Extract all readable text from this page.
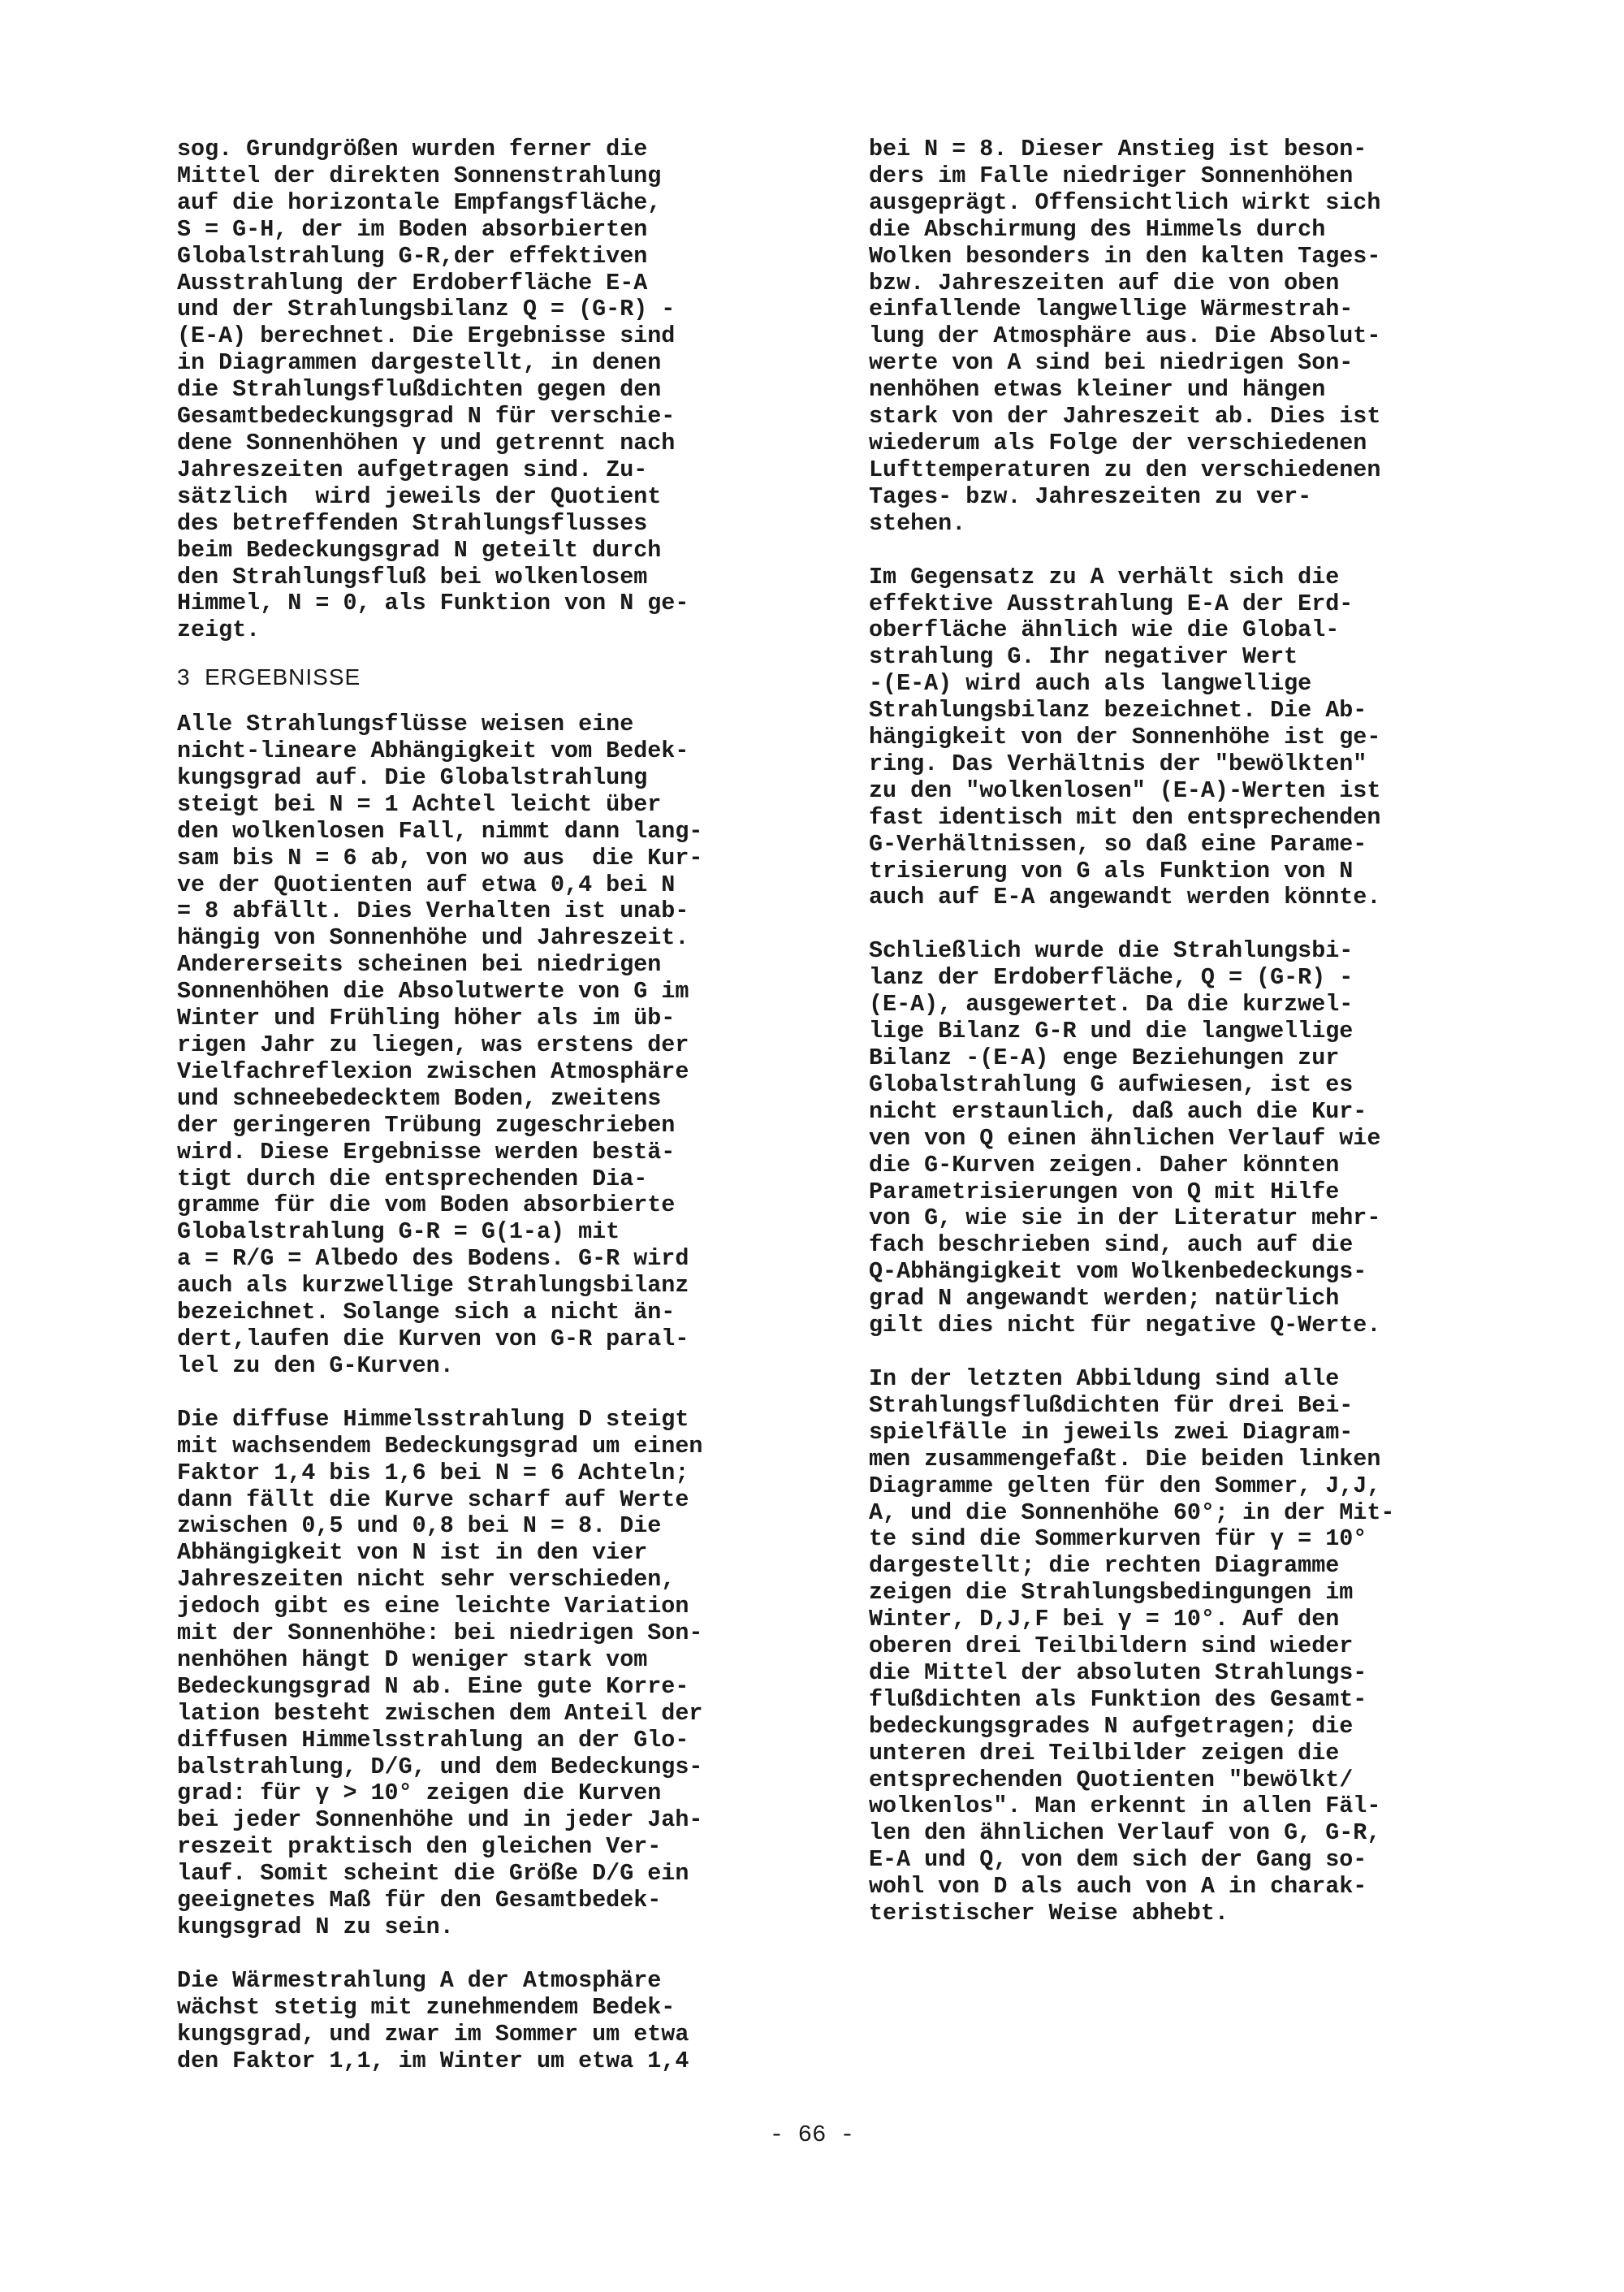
sog. Grundgrößen wurden ferner die
Mittel der direkten Sonnenstrahlung
auf die horizontale Empfangsfläche,
S = G-H, der im Boden absorbierten
Globalstrahlung G-R,der effektiven
Ausstrahlung der Erdoberfläche E-A
und der Strahlungsbilanz Q = (G-R) -
(E-A) berechnet. Die Ergebnisse sind
in Diagrammen dargestellt, in denen
die Strahlungsflußdichten gegen den
Gesamtbedeckungsgrad N für verschie-
dene Sonnenhöhen γ und getrennt nach
Jahreszeiten aufgetragen sind. Zu-
sätzlich  wird jeweils der Quotient
des betreffenden Strahlungsflusses
beim Bedeckungsgrad N geteilt durch
den Strahlungsfluß bei wolkenlosem
Himmel, N = 0, als Funktion von N ge-
zeigt.

3  ERGEBNISSE

Alle Strahlungsflüsse weisen eine
nicht-lineare Abhängigkeit vom Bedek-
kungsgrad auf. Die Globalstrahlung
steigt bei N = 1 Achtel leicht über
den wolkenlosen Fall, nimmt dann lang-
sam bis N = 6 ab, von wo aus  die Kur-
ve der Quotienten auf etwa 0,4 bei N
= 8 abfällt. Dies Verhalten ist unab-
hängig von Sonnenhöhe und Jahreszeit.
Andererseits scheinen bei niedrigen
Sonnenhöhen die Absolutwerte von G im
Winter und Frühling höher als im üb-
rigen Jahr zu liegen, was erstens der
Vielfachreflexion zwischen Atmosphäre
und schneebedecktem Boden, zweitens
der geringeren Trübung zugeschrieben
wird. Diese Ergebnisse werden bestä-
tigt durch die entsprechenden Dia-
gramme für die vom Boden absorbierte
Globalstrahlung G-R = G(1-a) mit
a = R/G = Albedo des Bodens. G-R wird
auch als kurzwellige Strahlungsbilanz
bezeichnet. Solange sich a nicht än-
dert,laufen die Kurven von G-R paral-
lel zu den G-Kurven.

Die diffuse Himmelsstrahlung D steigt
mit wachsendem Bedeckungsgrad um einen
Faktor 1,4 bis 1,6 bei N = 6 Achteln;
dann fällt die Kurve scharf auf Werte
zwischen 0,5 und 0,8 bei N = 8. Die
Abhängigkeit von N ist in den vier
Jahreszeiten nicht sehr verschieden,
jedoch gibt es eine leichte Variation
mit der Sonnenhöhe: bei niedrigen Son-
nenhöhen hängt D weniger stark vom
Bedeckungsgrad N ab. Eine gute Korre-
lation besteht zwischen dem Anteil der
diffusen Himmelsstrahlung an der Glo-
balstrahlung, D/G, und dem Bedeckungs-
grad: für γ > 10° zeigen die Kurven
bei jeder Sonnenhöhe und in jeder Jah-
reszeit praktisch den gleichen Ver-
lauf. Somit scheint die Größe D/G ein
geeignetes Maß für den Gesamtbedek-
kungsgrad N zu sein.

Die Wärmestrahlung A der Atmosphäre
wächst stetig mit zunehmendem Bedek-
kungsgrad, und zwar im Sommer um etwa
den Faktor 1,1, im Winter um etwa 1,4

bei N = 8. Dieser Anstieg ist beson-
ders im Falle niedriger Sonnenhöhen
ausgeprägt. Offensichtlich wirkt sich
die Abschirmung des Himmels durch
Wolken besonders in den kalten Tages-
bzw. Jahreszeiten auf die von oben
einfallende langwellige Wärmestrah-
lung der Atmosphäre aus. Die Absolut-
werte von A sind bei niedrigen Son-
nenhöhen etwas kleiner und hängen
stark von der Jahreszeit ab. Dies ist
wiederum als Folge der verschiedenen
Lufttemperaturen zu den verschiedenen
Tages- bzw. Jahreszeiten zu ver-
stehen.

Im Gegensatz zu A verhält sich die
effektive Ausstrahlung E-A der Erd-
oberfläche ähnlich wie die Global-
strahlung G. Ihr negativer Wert
-(E-A) wird auch als langwellige
Strahlungsbilanz bezeichnet. Die Ab-
hängigkeit von der Sonnenhöhe ist ge-
ring. Das Verhältnis der "bewölkten"
zu den "wolkenlosen" (E-A)-Werten ist
fast identisch mit den entsprechenden
G-Verhältnissen, so daß eine Parame-
trisierung von G als Funktion von N
auch auf E-A angewandt werden könnte.

Schließlich wurde die Strahlungsbi-
lanz der Erdoberfläche, Q = (G-R) -
(E-A), ausgewertet. Da die kurzwel-
lige Bilanz G-R und die langwellige
Bilanz -(E-A) enge Beziehungen zur
Globalstrahlung G aufwiesen, ist es
nicht erstaunlich, daß auch die Kur-
ven von Q einen ähnlichen Verlauf wie
die G-Kurven zeigen. Daher könnten
Parametrisierungen von Q mit Hilfe
von G, wie sie in der Literatur mehr-
fach beschrieben sind, auch auf die
Q-Abhängigkeit vom Wolkenbedeckungs-
grad N angewandt werden; natürlich
gilt dies nicht für negative Q-Werte.

In der letzten Abbildung sind alle
Strahlungsflußdichten für drei Bei-
spielfälle in jeweils zwei Diagram-
men zusammengefaßt. Die beiden linken
Diagramme gelten für den Sommer, J,J,
A, und die Sonnenhöhe 60°; in der Mit-
te sind die Sommerkurven für γ = 10°
dargestellt; die rechten Diagramme
zeigen die Strahlungsbedingungen im
Winter, D,J,F bei γ = 10°. Auf den
oberen drei Teilbildern sind wieder
die Mittel der absoluten Strahlungs-
flußdichten als Funktion des Gesamt-
bedeckungsgrades N aufgetragen; die
unteren drei Teilbilder zeigen die
entsprechenden Quotienten "bewölkt/
wolkenlos". Man erkennt in allen Fäl-
len den ähnlichen Verlauf von G, G-R,
E-A und Q, von dem sich der Gang so-
wohl von D als auch von A in charak-
teristischer Weise abhebt.

- 66 -
